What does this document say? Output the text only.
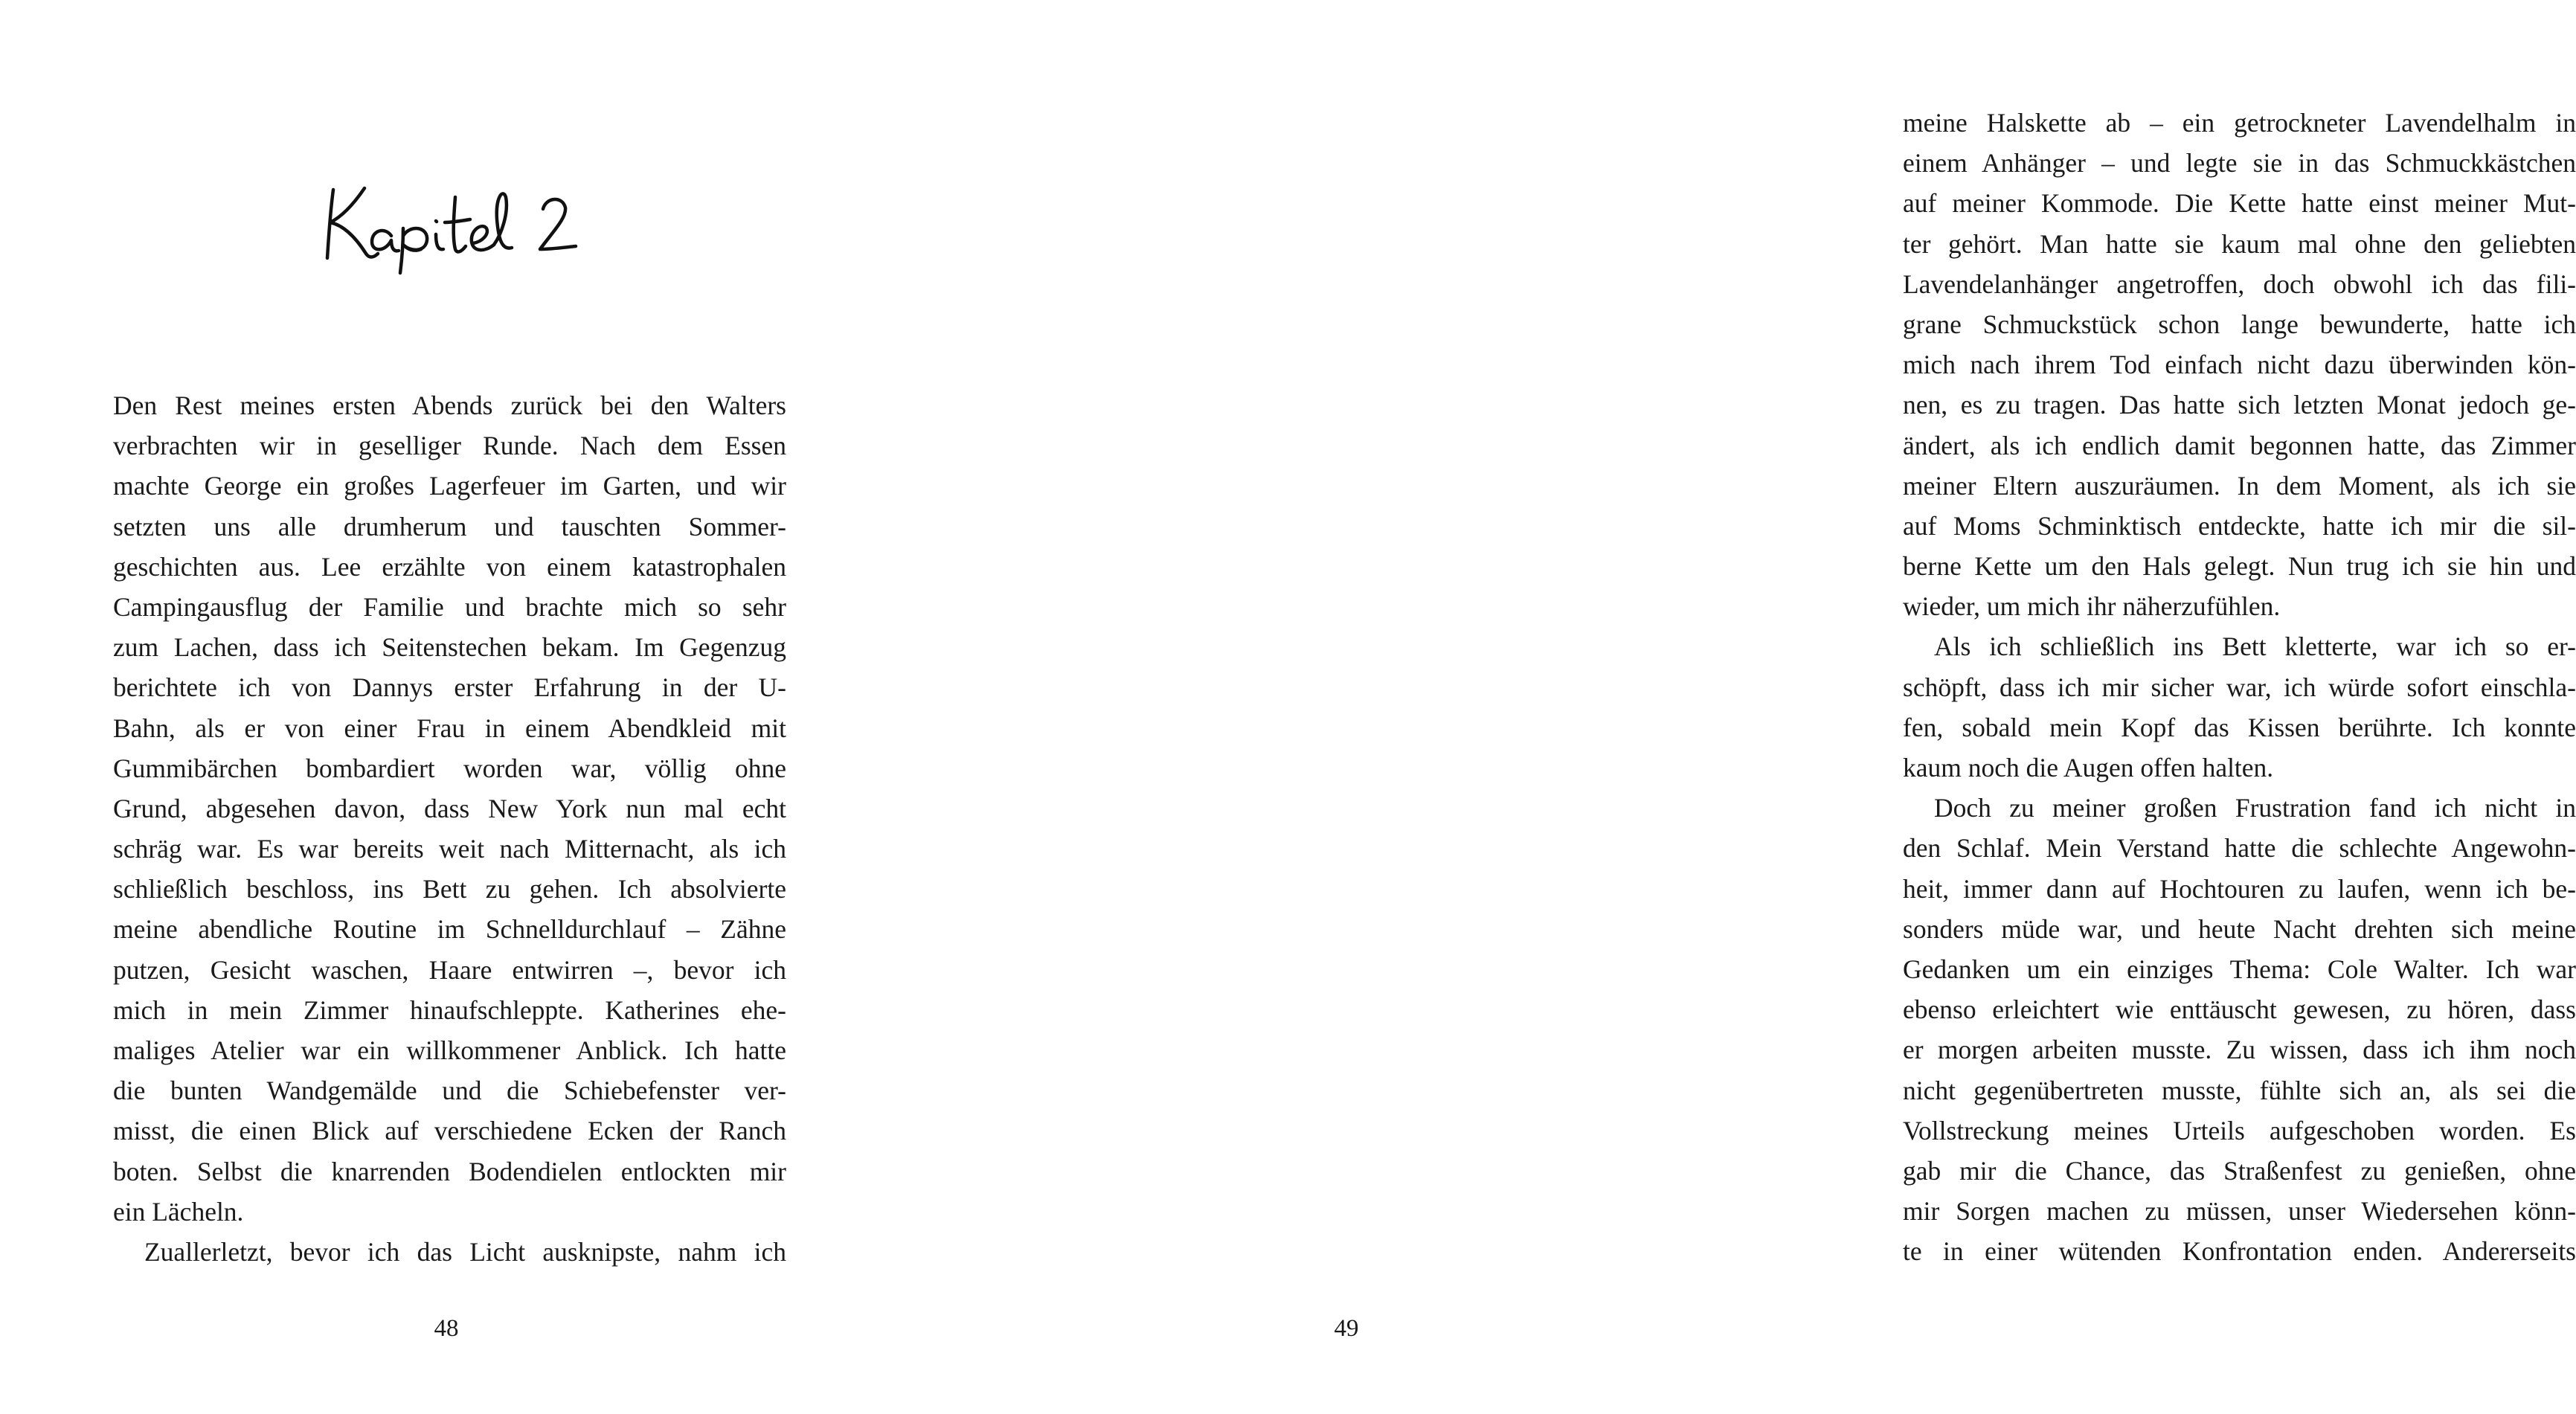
Den Rest meines ersten Abends zurück bei den Walters
verbrachten wir in geselliger Runde. Nach dem Essen
machte George ein großes Lagerfeuer im Garten, und wir
setzten uns alle drumherum und tauschten Sommer-
geschichten aus. Lee erzählte von einem katastrophalen
Campingausflug der Familie und brachte mich so sehr
zum Lachen, dass ich Seitenstechen bekam. Im Gegenzug
berichtete ich von Dannys erster Erfahrung in der U-
Bahn, als er von einer Frau in einem Abendkleid mit
Gummibärchen bombardiert worden war, völlig ohne
Grund, abgesehen davon, dass New York nun mal echt
schräg war. Es war bereits weit nach Mitternacht, als ich
schließlich beschloss, ins Bett zu gehen. Ich absolvierte
meine abendliche Routine im Schnelldurchlauf – Zähne
putzen, Gesicht waschen, Haare entwirren –, bevor ich
mich in mein Zimmer hinaufschleppte. Katherines ehe-
maliges Atelier war ein willkommener Anblick. Ich hatte
die bunten Wandgemälde und die Schiebefenster ver-
misst, die einen Blick auf verschiedene Ecken der Ranch
boten. Selbst die knarrenden Bodendielen entlockten mir
ein Lächeln.
Zuallerletzt, bevor ich das Licht ausknipste, nahm ich
48
meine Halskette ab – ein getrockneter Lavendelhalm in
einem Anhänger – und legte sie in das Schmuckkästchen
auf meiner Kommode. Die Kette hatte einst meiner Mut-
ter gehört. Man hatte sie kaum mal ohne den geliebten
Lavendelanhänger angetroffen, doch obwohl ich das fili-
grane Schmuckstück schon lange bewunderte, hatte ich
mich nach ihrem Tod einfach nicht dazu überwinden kön-
nen, es zu tragen. Das hatte sich letzten Monat jedoch ge-
ändert, als ich endlich damit begonnen hatte, das Zimmer
meiner Eltern auszuräumen. In dem Moment, als ich sie
auf Moms Schminktisch entdeckte, hatte ich mir die sil-
berne Kette um den Hals gelegt. Nun trug ich sie hin und
wieder, um mich ihr näherzufühlen.
Als ich schließlich ins Bett kletterte, war ich so er-
schöpft, dass ich mir sicher war, ich würde sofort einschla-
fen, sobald mein Kopf das Kissen berührte. Ich konnte
kaum noch die Augen offen halten.
Doch zu meiner großen Frustration fand ich nicht in
den Schlaf. Mein Verstand hatte die schlechte Angewohn-
heit, immer dann auf Hochtouren zu laufen, wenn ich be-
sonders müde war, und heute Nacht drehten sich meine
Gedanken um ein einziges Thema: Cole Walter. Ich war
ebenso erleichtert wie enttäuscht gewesen, zu hören, dass
er morgen arbeiten musste. Zu wissen, dass ich ihm noch
nicht gegenübertreten musste, fühlte sich an, als sei die
Vollstreckung meines Urteils aufgeschoben worden. Es
gab mir die Chance, das Straßenfest zu genießen, ohne
mir Sorgen machen zu müssen, unser Wiedersehen könn-
te in einer wütenden Konfrontation enden. Andererseits
49
